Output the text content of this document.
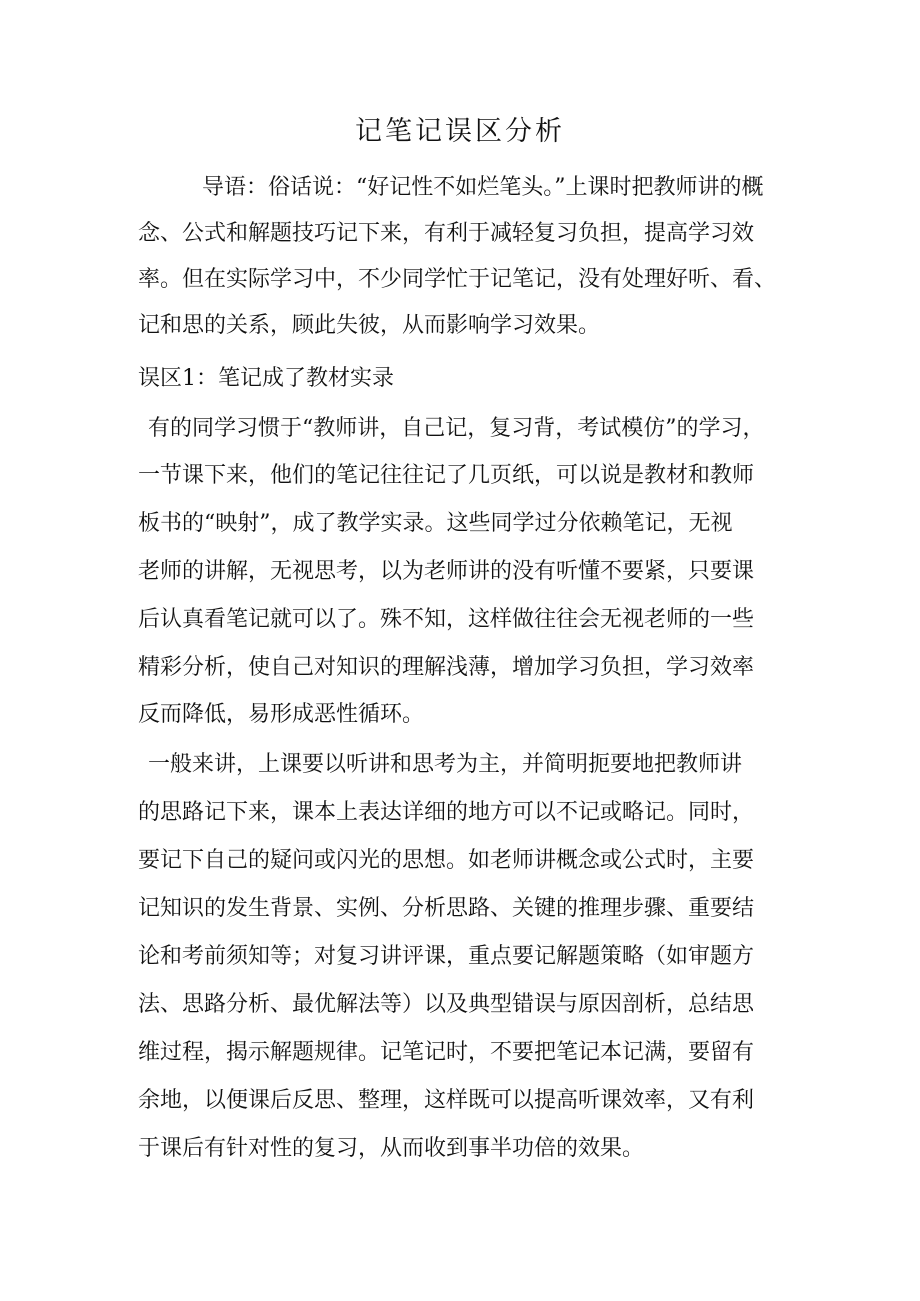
记笔记误区分析
导语：俗话说：“好记性不如烂笔头。”上课时把教师讲的概
念、公式和解题技巧记下来，有利于减轻复习负担，提高学习效
率。但在实际学习中，不少同学忙于记笔记，没有处理好听、看、
记和思的关系，顾此失彼，从而影响学习效果。
误区1：笔记成了教材实录
有的同学习惯于“教师讲，自己记，复习背，考试模仿”的学习，
一节课下来，他们的笔记往往记了几页纸，可以说是教材和教师
板书的“映射”，成了教学实录。这些同学过分依赖笔记，无视
老师的讲解，无视思考，以为老师讲的没有听懂不要紧，只要课
后认真看笔记就可以了。殊不知，这样做往往会无视老师的一些
精彩分析，使自己对知识的理解浅薄，增加学习负担，学习效率
反而降低，易形成恶性循环。
一般来讲，上课要以听讲和思考为主，并简明扼要地把教师讲
的思路记下来，课本上表达详细的地方可以不记或略记。同时，
要记下自己的疑问或闪光的思想。如老师讲概念或公式时，主要
记知识的发生背景、实例、分析思路、关键的推理步骤、重要结
论和考前须知等；对复习讲评课，重点要记解题策略（如审题方
法、思路分析、最优解法等）以及典型错误与原因剖析，总结思
维过程，揭示解题规律。记笔记时，不要把笔记本记满，要留有
余地，以便课后反思、整理，这样既可以提高听课效率，又有利
于课后有针对性的复习，从而收到事半功倍的效果。
